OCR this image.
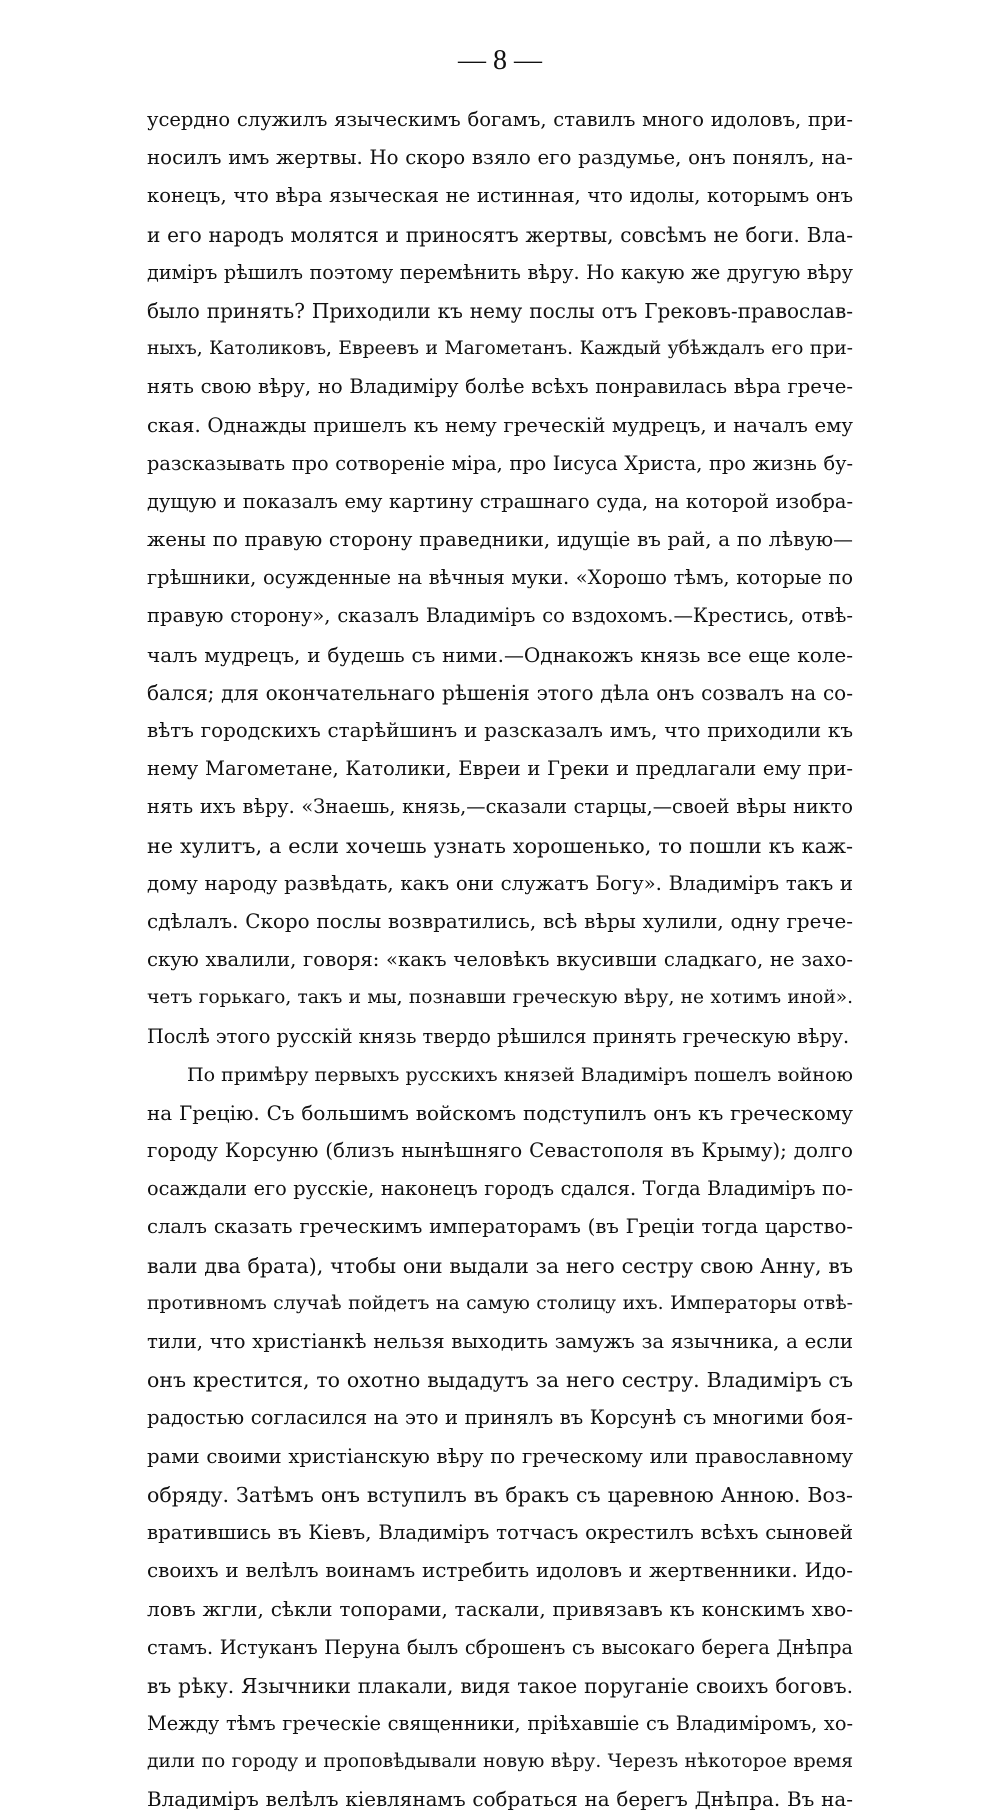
— 8 —
усердно служилъ языческимъ богамъ, ставилъ много идоловъ, при-
носилъ имъ жертвы. Но скоро взяло его раздумье, онъ понялъ, на-
конецъ, что вѣра языческая не истинная, что идолы, которымъ онъ
и его народъ молятся и приносятъ жертвы, совсѣмъ не боги. Вла-
диміръ рѣшилъ поэтому перемѣнить вѣру. Но какую же другую вѣру
было принять? Приходили къ нему послы отъ Грековъ-православ-
ныхъ, Католиковъ, Евреевъ и Магометанъ. Каждый убѣждалъ его при-
нять свою вѣру, но Владиміру болѣе всѣхъ понравилась вѣра грече-
ская. Однажды пришелъ къ нему греческій мудрецъ, и началъ ему
разсказывать про сотвореніе міра, про Іисуса Христа, про жизнь бу-
дущую и показалъ ему картину страшнаго суда, на которой изобра-
жены по правую сторону праведники, идущіе въ рай, а по лѣвую—
грѣшники, осужденные на вѣчныя муки. «Хорошо тѣмъ, которые по
правую сторону», сказалъ Владиміръ со вздохомъ.—Крестись, отвѣ-
чалъ мудрецъ, и будешь съ ними.—Однакожъ князь все еще коле-
бался; для окончательнаго рѣшенія этого дѣла онъ созвалъ на со-
вѣтъ городскихъ старѣйшинъ и разсказалъ имъ, что приходили къ
нему Магометане, Католики, Евреи и Греки и предлагали ему при-
нять ихъ вѣру. «Знаешь, князь,—сказали старцы,—своей вѣры никто
не хулитъ, а если хочешь узнать хорошенько, то пошли къ каж-
дому народу развѣдать, какъ они служатъ Богу». Владиміръ такъ и
сдѣлалъ. Скоро послы возвратились, всѣ вѣры хулили, одну грече-
скую хвалили, говоря: «какъ человѣкъ вкусивши сладкаго, не захо-
четъ горькаго, такъ и мы, познавши греческую вѣру, не хотимъ иной».
Послѣ этого русскій князь твердо рѣшился принять греческую вѣру.
По примѣру первыхъ русскихъ князей Владиміръ пошелъ войною
на Грецію. Съ большимъ войскомъ подступилъ онъ къ греческому
городу Корсуню (близъ нынѣшняго Севастополя въ Крыму); долго
осаждали его русскіе, наконецъ городъ сдался. Тогда Владиміръ по-
слалъ сказать греческимъ императорамъ (въ Греціи тогда царство-
вали два брата), чтобы они выдали за него сестру свою Анну, въ
противномъ случаѣ пойдетъ на самую столицу ихъ. Императоры отвѣ-
тили, что христіанкѣ нельзя выходить замужъ за язычника, а если
онъ крестится, то охотно выдадутъ за него сестру. Владиміръ съ
радостью согласился на это и принялъ въ Корсунѣ съ многими боя-
рами своими христіанскую вѣру по греческому или православному
обряду. Затѣмъ онъ вступилъ въ бракъ съ царевною Анною. Воз-
вратившись въ Кіевъ, Владиміръ тотчасъ окрестилъ всѣхъ сыновей
своихъ и велѣлъ воинамъ истребить идоловъ и жертвенники. Идо-
ловъ жгли, сѣкли топорами, таскали, привязавъ къ конскимъ хво-
стамъ. Истуканъ Перуна былъ сброшенъ съ высокаго берега Днѣпра
въ рѣку. Язычники плакали, видя такое поруганіе своихъ боговъ.
Между тѣмъ греческіе священники, пріѣхавшіе съ Владиміромъ, хо-
дили по городу и проповѣдывали новую вѣру. Черезъ нѣкоторое время
Владиміръ велѣлъ кіевлянамъ собраться на берегъ Днѣпра. Въ на-
